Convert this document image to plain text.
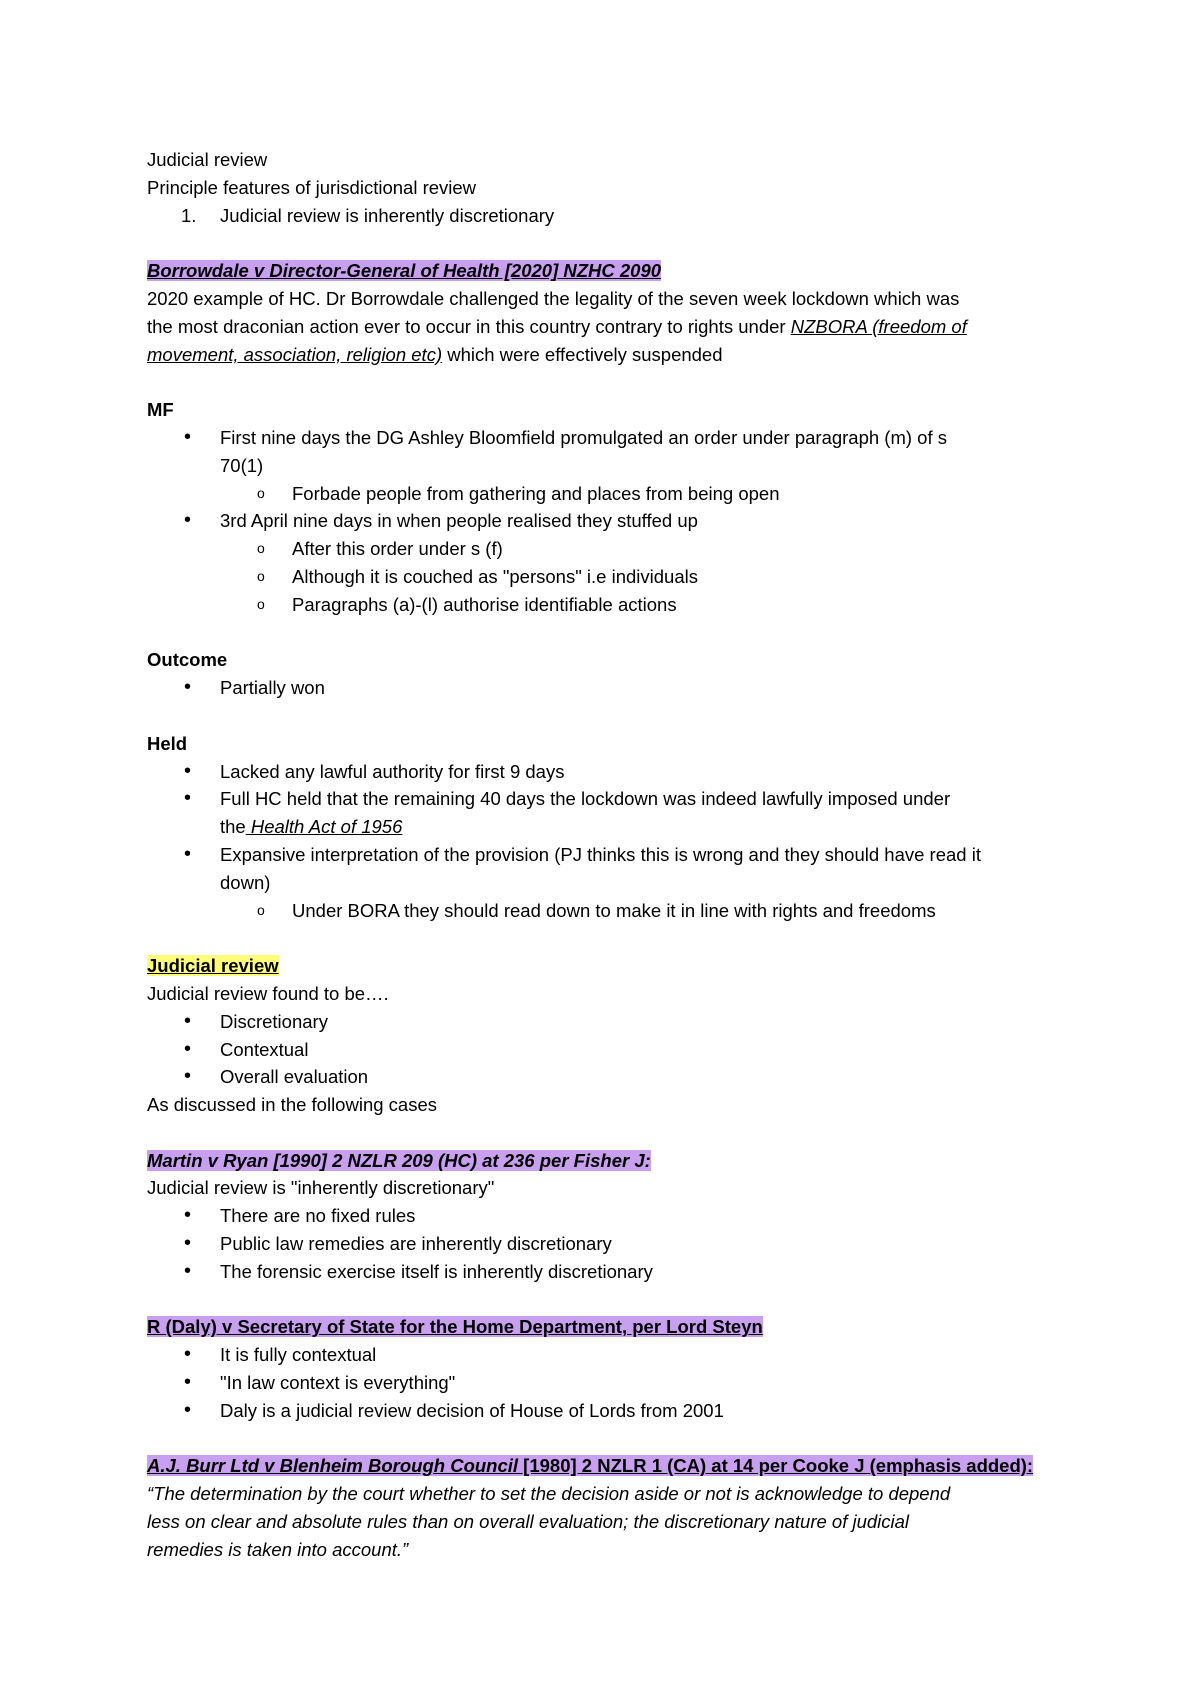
Judicial review
Principle features of jurisdictional review
1. Judicial review is inherently discretionary
Borrowdale v Director-General of Health [2020] NZHC 2090
2020 example of HC. Dr Borrowdale challenged the legality of the seven week lockdown which was
the most draconian action ever to occur in this country contrary to rights under NZBORA (freedom of
movement, association, religion etc) which were effectively suspended
MF
• First nine days the DG Ashley Bloomfield promulgated an order under paragraph (m) of s
70(1)
o Forbade people from gathering and places from being open
• 3rd April nine days in when people realised they stuffed up
o After this order under s (f)
o Although it is couched as "persons" i.e individuals
o Paragraphs (a)-(l) authorise identifiable actions
Outcome
• Partially won
Held
• Lacked any lawful authority for first 9 days
• Full HC held that the remaining 40 days the lockdown was indeed lawfully imposed under
the Health Act of 1956
• Expansive interpretation of the provision (PJ thinks this is wrong and they should have read it
down)
o Under BORA they should read down to make it in line with rights and freedoms
Judicial review
Judicial review found to be….
• Discretionary
• Contextual
• Overall evaluation
As discussed in the following cases
Martin v Ryan [1990] 2 NZLR 209 (HC) at 236 per Fisher J:
Judicial review is "inherently discretionary"
• There are no fixed rules
• Public law remedies are inherently discretionary
• The forensic exercise itself is inherently discretionary
R (Daly) v Secretary of State for the Home Department, per Lord Steyn
• It is fully contextual
• "In law context is everything"
• Daly is a judicial review decision of House of Lords from 2001
A.J. Burr Ltd v Blenheim Borough Council [1980] 2 NZLR 1 (CA) at 14 per Cooke J (emphasis added):
“The determination by the court whether to set the decision aside or not is acknowledge to depend
less on clear and absolute rules than on overall evaluation; the discretionary nature of judicial
remedies is taken into account.”
